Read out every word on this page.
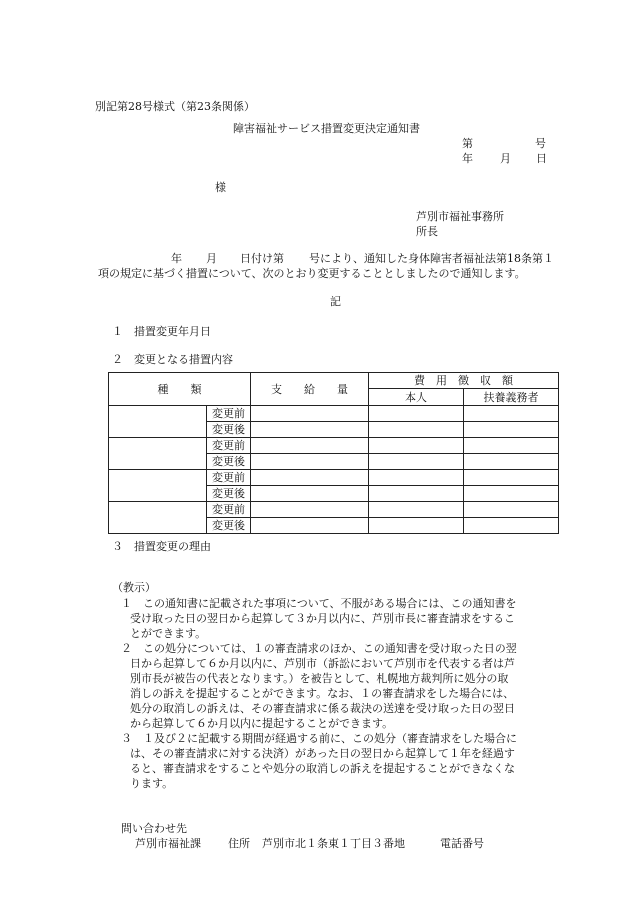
別記第28号様式（第23条関係）
障害福祉サービス措置変更決定通知書
第	号
年 月 日
様
芦別市福祉事務所
所長
年 月 日付け第 号により、通知した身体障害者福祉法第18条第１
項の規定に基づく措置について、次のとおり変更することとしましたので通知します。
記
１　措置変更年月日
２　変更となる措置内容
種　　類		支　　給　　量	費　用　徴　収　額	
			本人	扶養義務者
	変更前			
	変更後			
	変更前			
	変更後			
	変更前			
	変更後			
	変更前			
	変更後			
３　措置変更の理由

（教示）

１　この通知書に記載された事項について、不服がある場合には、この通知書を

受け取った日の翌日から起算して３か月以内に、芦別市長に審査請求をするこ

とができます。

２　この処分については、１の審査請求のほか、この通知書を受け取った日の翌

日から起算して６か月以内に、芦別市（訴訟において芦別市を代表する者は芦

別市長が被告の代表となります。）を被告として、札幌地方裁判所に処分の取

消しの訴えを提起することができます。なお、１の審査請求をした場合には、

処分の取消しの訴えは、その審査請求に係る裁決の送達を受け取った日の翌日

から起算して６か月以内に提起することができます。

３　１及び２に記載する期間が経過する前に、この処分（審査請求をした場合に

は、その審査請求に対する決済）があった日の翌日から起算して１年を経過す

ると、審査請求をすることや処分の取消しの訴えを提起することができなくな

ります。

問い合わせ先
芦別市福祉課 住所 芦別市北１条東１丁目３番地	電話番号
